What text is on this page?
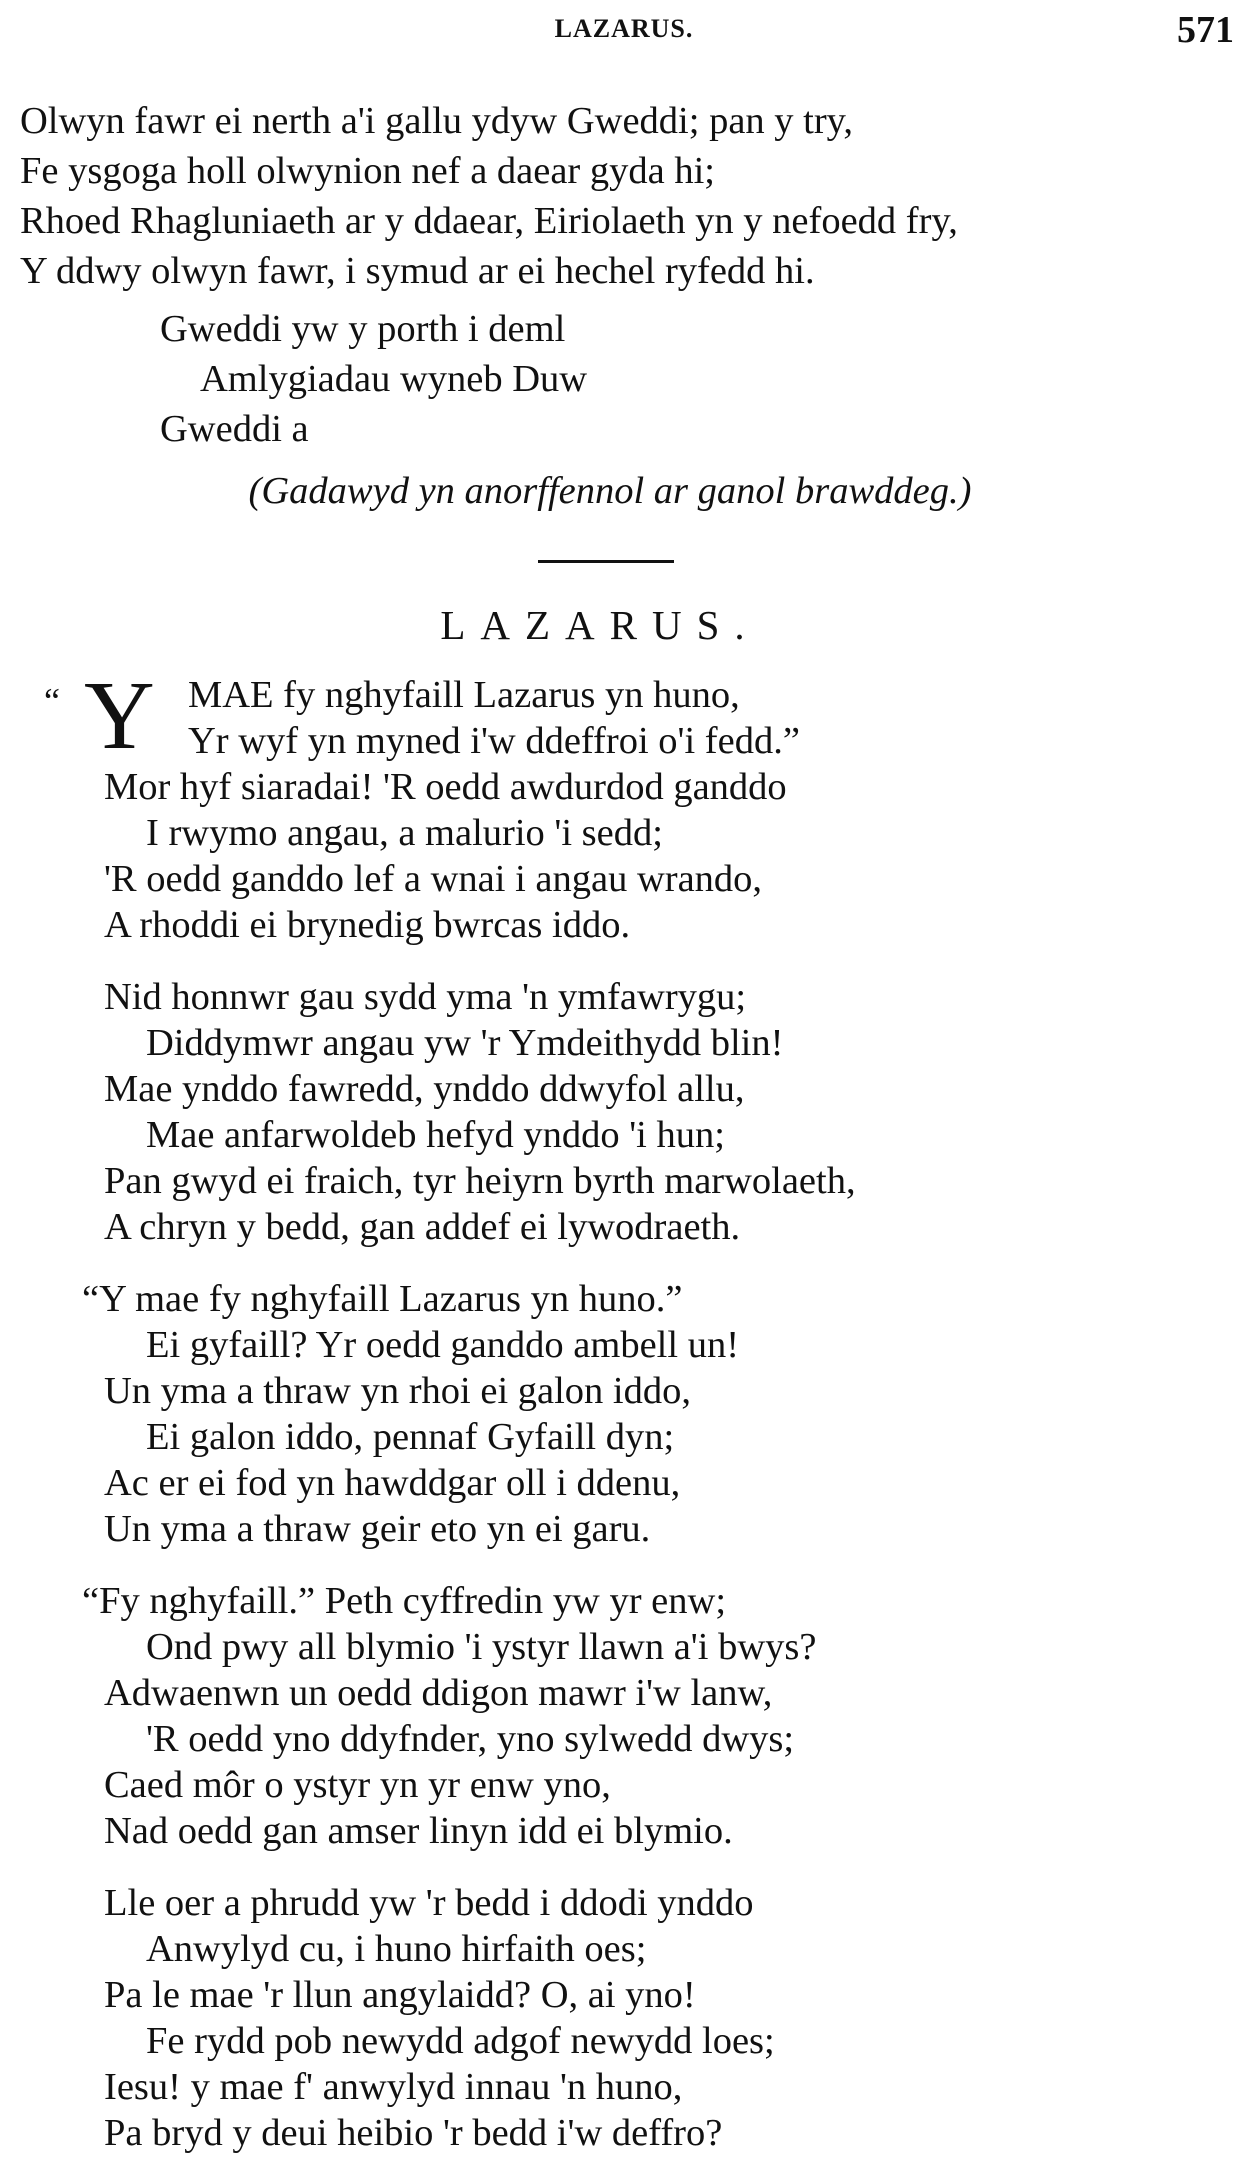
LAZARUS.	571
Olwyn fawr ei nerth a'i gallu ydyw Gweddi; pan y try,
Fe ysgoga holl olwynion nef a daear gyda hi;
Rhoed Rhagluniaeth ar y ddaear, Eiriolaeth yn y nefoedd fry,
Y ddwy olwyn fawr, i symud ar ei hechel ryfedd hi.
Gweddi yw y porth i deml
Amlygiadau wyneb Duw
Gweddi a
(Gadawyd yn anorffennol ar ganol brawddeg.)
LAZARUS.
“ Y MAE fy nghyfaill Lazarus yn huno,
Yr wyf yn myned i'w ddeffroi o'i fedd.”
Mor hyf siaradai! 'R oedd awdurdod ganddo
I rwymo angau, a malurio 'i sedd;
'R oedd ganddo lef a wnai i angau wrando,
A rhoddi ei brynedig bwrcas iddo.
Nid honnwr gau sydd yma 'n ymfawrygu;
Diddymwr angau yw 'r Ymdeithydd blin!
Mae ynddo fawredd, ynddo ddwyfol allu,
Mae anfarwoldeb hefyd ynddo 'i hun;
Pan gwyd ei fraich, tyr heiyrn byrth marwolaeth,
A chryn y bedd, gan addef ei lywodraeth.
“Y mae fy nghyfaill Lazarus yn huno.”
Ei gyfaill? Yr oedd ganddo ambell un!
Un yma a thraw yn rhoi ei galon iddo,
Ei galon iddo, pennaf Gyfaill dyn;
Ac er ei fod yn hawddgar oll i ddenu,
Un yma a thraw geir eto yn ei garu.
“Fy nghyfaill.” Peth cyffredin yw yr enw;
Ond pwy all blymio 'i ystyr llawn a'i bwys?
Adwaenwn un oedd ddigon mawr i'w lanw,
'R oedd yno ddyfnder, yno sylwedd dwys;
Caed môr o ystyr yn yr enw yno,
Nad oedd gan amser linyn idd ei blymio.
Lle oer a phrudd yw 'r bedd i ddodi ynddo
Anwylyd cu, i huno hirfaith oes;
Pa le mae 'r llun angylaidd? O, ai yno!
Fe rydd pob newydd adgof newydd loes;
Iesu! y mae f' anwylyd innau 'n huno,
Pa bryd y deui heibio 'r bedd i'w deffro?
